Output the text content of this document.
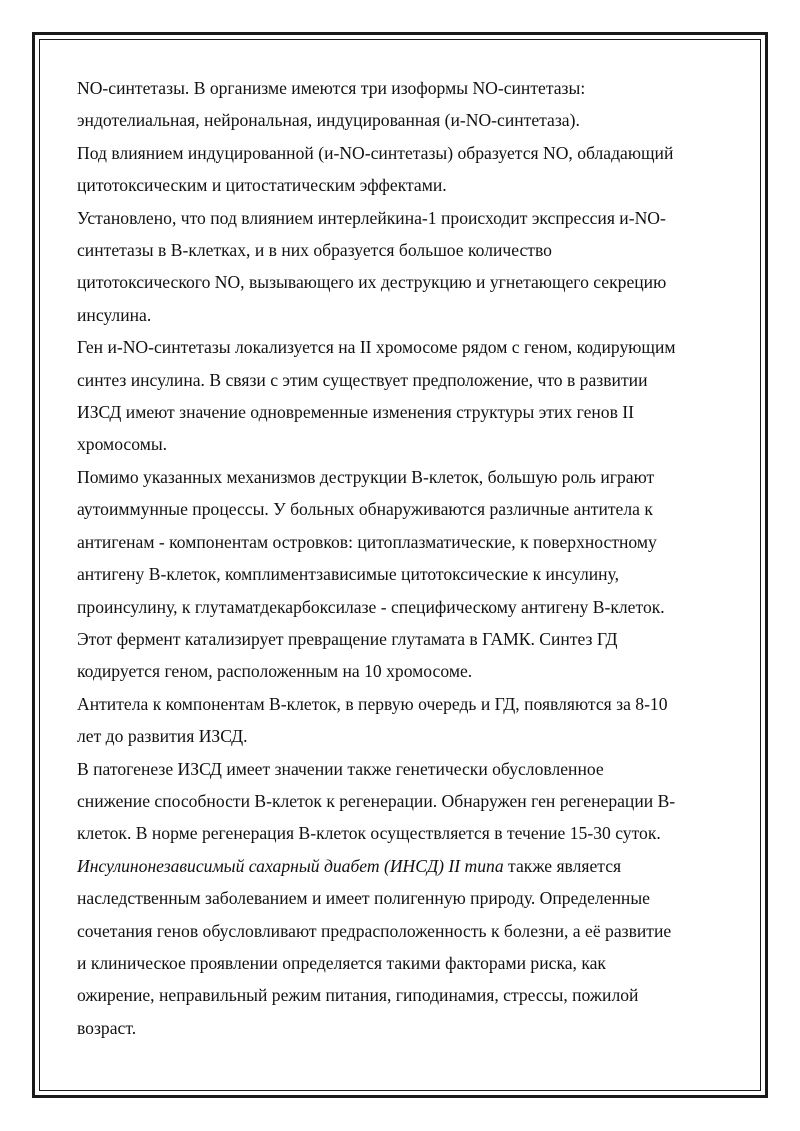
NO-синтетазы. В организме имеются три изоформы NO-синтетазы:
эндотелиальная, нейрональная, индуцированная (и-NO-синтетаза).
Под влиянием индуцированной (и-NO-синтетазы) образуется NO, обладающий
цитотоксическим и цитостатическим эффектами.
Установлено, что под влиянием интерлейкина-1 происходит экспрессия и-NO-
синтетазы в В-клетках, и в них образуется большое количество
цитотоксического NO, вызывающего их деструкцию и угнетающего секрецию
инсулина.
Ген и-NO-синтетазы локализуется на II хромосоме рядом с геном, кодирующим
синтез инсулина. В связи с этим существует предположение, что в развитии
ИЗСД имеют значение одновременные изменения структуры этих генов II
хромосомы.
Помимо указанных механизмов деструкции В-клеток, большую роль играют
аутоиммунные процессы. У больных обнаруживаются различные антитела к
антигенам - компонентам островков: цитоплазматические, к поверхностному
антигену В-клеток, комплиментзависимые цитотоксические к инсулину,
проинсулину, к глутаматдекарбоксилазе - специфическому антигену В-клеток.
Этот фермент катализирует превращение глутамата в ГАМК. Синтез ГД
кодируется геном, расположенным на 10 хромосоме.
Антитела к компонентам В-клеток, в первую очередь и ГД, появляются за 8-10
лет до развития ИЗСД.
В патогенезе ИЗСД имеет значении также генетически обусловленное
снижение способности В-клеток к регенерации. Обнаружен ген регенерации В-
клеток. В норме регенерация В-клеток осуществляется в течение 15-30 суток.
Инсулинонезависимый сахарный диабет (ИНСД) II типа также является
наследственным заболеванием и имеет полигенную природу. Определенные
сочетания генов обусловливают предрасположенность к болезни, а её развитие
и клиническое проявлении определяется такими факторами риска, как
ожирение, неправильный режим питания, гиподинамия, стрессы, пожилой
возраст.
